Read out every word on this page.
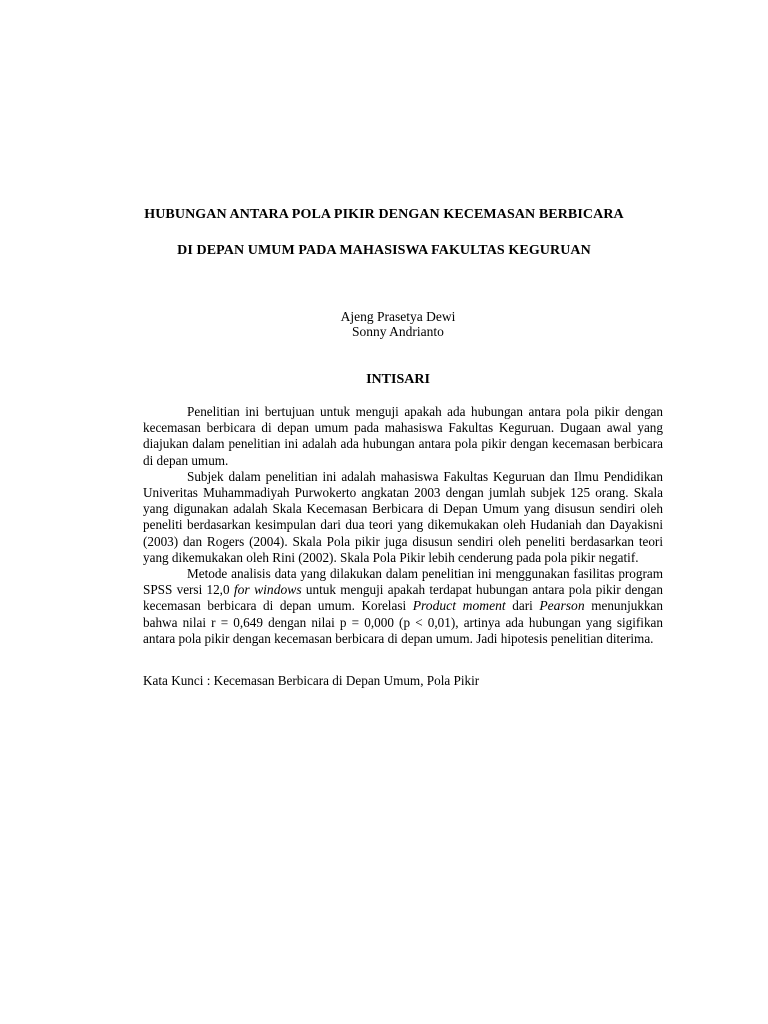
HUBUNGAN ANTARA POLA PIKIR DENGAN KECEMASAN BERBICARA
DI DEPAN UMUM PADA MAHASISWA FAKULTAS KEGURUAN
Ajeng Prasetya Dewi
Sonny Andrianto
INTISARI

Penelitian ini bertujuan untuk menguji apakah ada hubungan antara pola pikir dengan kecemasan berbicara di depan umum pada mahasiswa Fakultas Keguruan. Dugaan awal yang diajukan dalam penelitian ini adalah ada hubungan antara pola pikir dengan kecemasan berbicara di depan umum.

Subjek dalam penelitian ini adalah mahasiswa Fakultas Keguruan dan Ilmu Pendidikan Univeritas Muhammadiyah Purwokerto angkatan 2003 dengan jumlah subjek 125 orang. Skala yang digunakan adalah Skala Kecemasan Berbicara di Depan Umum yang disusun sendiri oleh peneliti berdasarkan kesimpulan dari dua teori yang dikemukakan oleh Hudaniah dan Dayakisni (2003) dan Rogers (2004). Skala Pola pikir juga disusun sendiri oleh peneliti berdasarkan teori yang dikemukakan oleh Rini (2002). Skala Pola Pikir lebih cenderung pada pola pikir negatif.

Metode analisis data yang dilakukan dalam penelitian ini menggunakan fasilitas program SPSS versi 12,0 for windows untuk menguji apakah terdapat hubungan antara pola pikir dengan kecemasan berbicara di depan umum. Korelasi Product moment dari Pearson menunjukkan bahwa nilai r = 0,649 dengan nilai p = 0,000 (p < 0,01), artinya ada hubungan yang sigifikan antara pola pikir dengan kecemasan berbicara di depan umum. Jadi hipotesis penelitian diterima.

Kata Kunci : Kecemasan Berbicara di Depan Umum, Pola Pikir
